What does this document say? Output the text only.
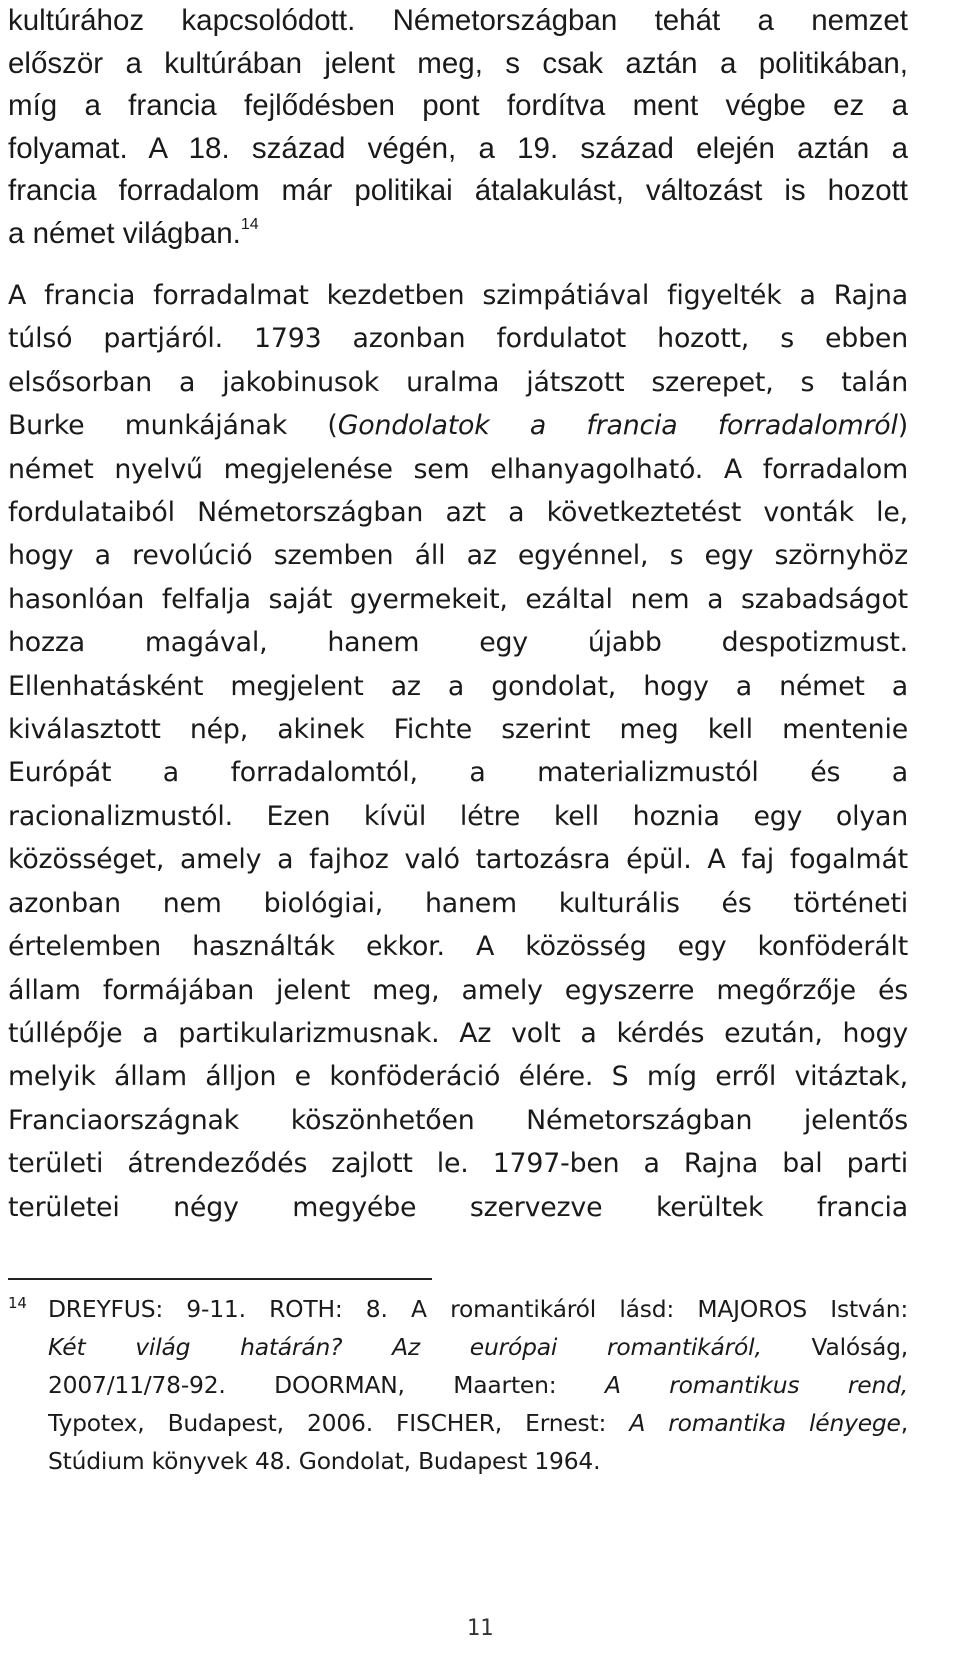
kultúrához kapcsolódott. Németországban tehát a nemzet
először a kultúrában jelent meg, s csak aztán a politikában,
míg a francia fejlődésben pont fordítva ment végbe ez a
folyamat. A 18. század végén, a 19. század elején aztán a
francia forradalom már politikai átalakulást, változást is hozott
a német világban.$^{14}$
A francia forradalmat kezdetben szimpátiával figyelték a Rajna
túlsó partjáról. 1793 azonban fordulatot hozott, s ebben
elsősorban a jakobinusok uralma játszott szerepet, s talán
Burke munkájának (Gondolatok a francia forradalomról)
német nyelvű megjelenése sem elhanyagolható. A forradalom
fordulataiból Németországban azt a következtetést vonták le,
hogy a revolúció szemben áll az egyénnel, s egy szörnyhöz
hasonlóan felfalja saját gyermekeit, ezáltal nem a szabadságot
hozza magával, hanem egy újabb despotizmust.
Ellenhatásként megjelent az a gondolat, hogy a német a
kiválasztott nép, akinek Fichte szerint meg kell mentenie
Európát a forradalomtól, a materializmustól és a
racionalizmustól. Ezen kívül létre kell hoznia egy olyan
közösséget, amely a fajhoz való tartozásra épül. A faj fogalmát
azonban nem biológiai, hanem kulturális és történeti
értelemben használták ekkor. A közösség egy konföderált
állam formájában jelent meg, amely egyszerre megőrzője és
túllépője a partikularizmusnak. Az volt a kérdés ezután, hogy
melyik állam álljon e konföderáció élére. S míg erről vitáztak,
Franciaországnak köszönhetően Németországban jelentős
területi átrendeződés zajlott le. 1797-ben a Rajna bal parti
területei négy megyébe szervezve kerültek francia
14 DREYFUS: 9-11. ROTH: 8. A romantikáról lásd: MAJOROS István:
Két világ határán? Az európai romantikáról, Valóság,
2007/11/78-92. DOORMAN, Maarten: A romantikus rend,
Typotex, Budapest, 2006. FISCHER, Ernest: A romantika lényege,
Stúdium könyvek 48. Gondolat, Budapest 1964.
11
